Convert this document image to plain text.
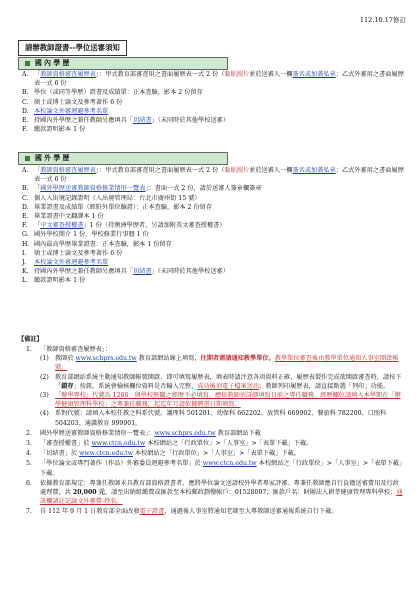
112.10.17修訂
請辦教師證書--學位送審須知
國 內 學 歷
A. 「教師資格審查履歷表」：甲式教育部審查用之書面履歷表一式 2 份（黏貼照片並於送審人一欄簽名或加蓋私章；乙式外審用之書面履歷表一式 6 份
B. 學位（或同等學歷）證書及成績單：正本查驗，影本 2 份留存
C. 碩士或博士論文及參考著作 6 份
D. 本校論文外審迴避參考名單
E. 持國內外學歷之兼任教師另應填具「切結書」（未同時於其他學校送審）
F. 繳款證明影本 1 份
國 外 學 歷
A. 「教師資格審查履歷表」：甲式教育部審查用之書面履歷表一式 2 份（黏貼照片並於送審人一欄簽名或加蓋私章；乙式外審用之書面履歷表一式 6 份
B. 「國外學歷送審教師資格修業情形一覽表」：書面一式 2 份，請於送審人簽章欄簽章
C. 個人入出境記錄證明（入出境管理局：台北市廣州街 15 號）
D. 畢業證書及成績單（經駐外單位驗證）：正本查驗，影本 2 份留存
E. 畢業證書中文翻譯本 1 份
F. 「中文審查授權書」1 份（持澳洲學歷者，另請加附英文審查授權書）
G. 國外學校簡介 1 份、學校修業行事曆 1 份
H. 國內最高學歷畢業證書：正本查驗，影本 1 份留存
I. 碩士或博士論文及參考著作 6 份
J. 本校論文外審迴避參考名單
K. 持國內外學歷之兼任教師另應填具「切結書」（未同時於其他學校送審）
L. 繳款證明影本 1 份
【備註】
1. 「教師資格審查履歷表」：
(1) 教師於 www.schprs.edu.tw 教育部網站線上填寫，往期者需請通知教學單位。教學單位審查後由教學單位通知人事室開啟帳號。
(2) 教育部網站系統主動通知教師帳號開啟，即可填寫履歷表，填表時請注意各項資料正確，履歷表製作完成欲開啟審查時，請按下「鎖存」按鈕，系統會檢核欄位資料是否輸入完整，成功後須電子檔案送出；教師列印履歷表，請直接點選「列印」功能。
(3) 「辦學專校」代號為 1286：與學校無關之經歷不必填寫，應依教師須詳細填寫目前之專任職務，經歷欄位請填入本學期在「辦學健康管理科學校」之專兼任職務，起迄年月請依據聘書日期填寫。
(4) 系對代號：請填入本校任教之科系代號。護理科 501201、幼保科 662202、放管科 669902、餐旅科 782200、口照科 504203、通識教育 999901。
2. 國外學歷送審教師資格修業情形一覽表」：www.schprs.edu.tw 教育部網站下載
3. 「審查授權書」於 www.ctcn.edu.tw 本校網站之「行政單位」>「人事室」>「表單下載」下載。
4. 「切結書」於 www.ctcn.edu.tw 本校網站之「行政單位」>「人事室」>「表單下載」下載。
5. 「學位論文或專門著作（作品）外審委員迴避參考名單」於 www.ctcn.edu.tw 本校網站之「行政單位」>「人事室」>「表單下載」下載。
6. 依據教育部規定：專兼任教師未具教育部資格證書者，應將學位論文送請校外學者專家評審。專兼任教師應自行負擔送審費用及行政處理費，共 20,000 元，請至出納組繳費或匯款至本校郵政劃撥帳戶：01528007；匯款戶名：財團法人耕莘健康管理專科學校；通訊欄請註記論文外審費-姓名。
7. 自 112 年 9 月 1 日教育部全面改發電子證書，通過後人事室將通知老師至大專教師送審通報系統自行下載。
